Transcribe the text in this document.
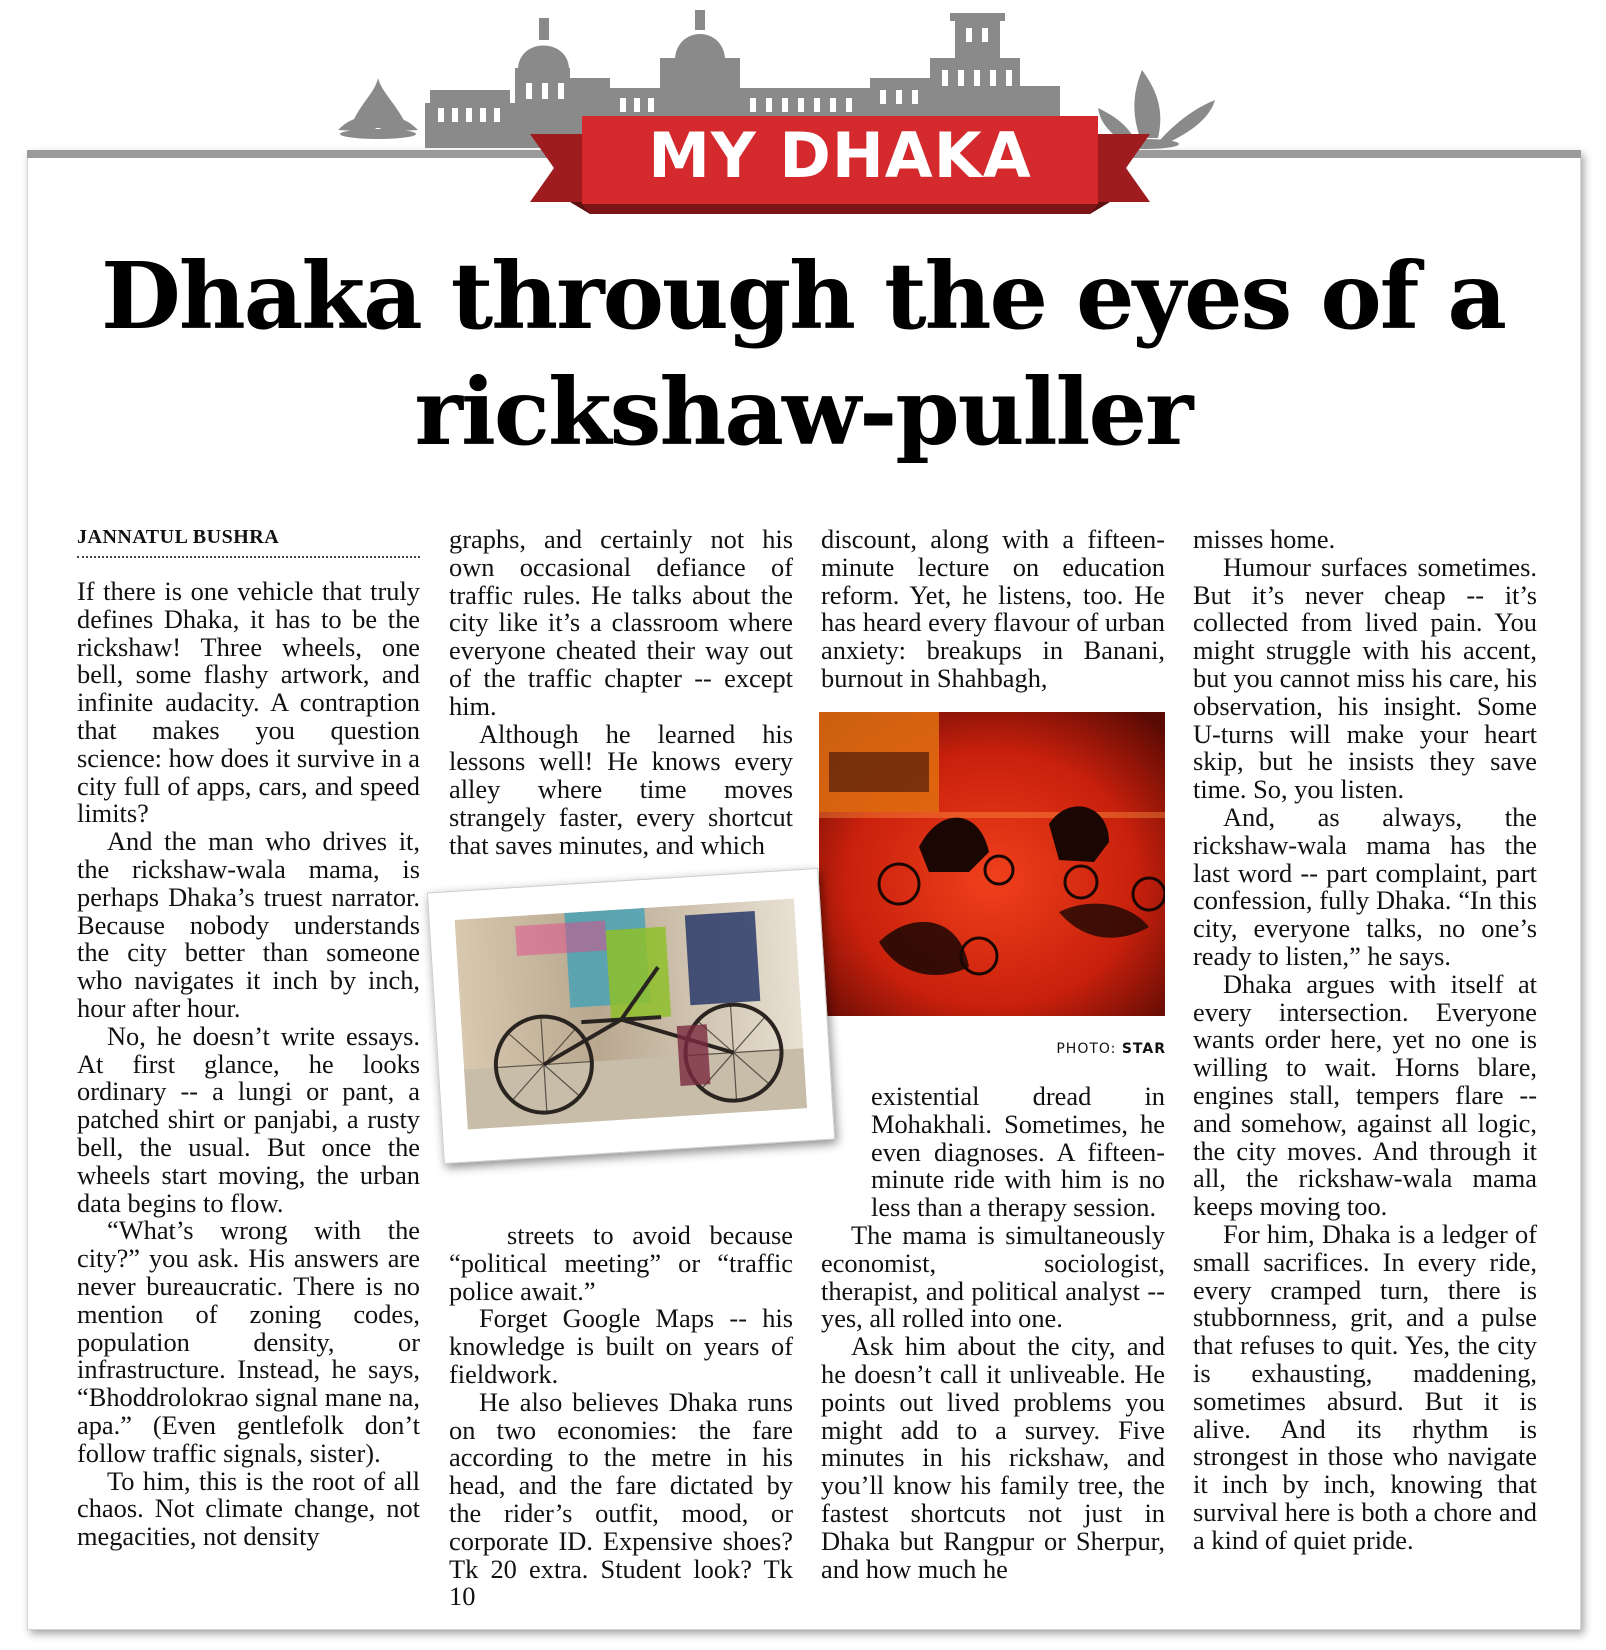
MY DHAKA
Dhaka through the eyes of a rickshaw-puller
JANNATUL BUSHRA

If there is one vehicle that truly defines Dhaka, it has to be the rickshaw! Three wheels, one bell, some flashy artwork, and infinite audacity. A contraption that makes you question science: how does it survive in a city full of apps, cars, and speed limits?

And the man who drives it, the rickshaw-wala mama, is perhaps Dhaka’s truest narrator. Because nobody understands the city better than someone who navigates it inch by inch, hour after hour.

No, he doesn’t write essays. At first glance, he looks ordinary -- a lungi or pant, a patched shirt or panjabi, a rusty bell, the usual. But once the wheels start moving, the urban data begins to flow.

“What’s wrong with the city?” you ask. His answers are never bureaucratic. There is no mention of zoning codes, population density, or infrastructure. Instead, he says, “Bhoddrolokrao signal mane na, apa.” (Even gentlefolk don’t follow traffic signals, sister).

To him, this is the root of all chaos. Not climate change, not megacities, not density

graphs, and certainly not his own occasional defiance of traffic rules. He talks about the city like it’s a classroom where everyone cheated their way out of the traffic chapter -- except him.

Although he learned his lessons well! He knows every alley where time moves strangely faster, every shortcut that saves minutes, and which

streets to avoid because “political meeting” or “traffic police await.”

Forget Google Maps -- his knowledge is built on years of fieldwork.

He also believes Dhaka runs on two economies: the fare according to the metre in his head, and the fare dictated by the rider’s outfit, mood, or corporate ID. Expensive shoes? Tk 20 extra. Student look? Tk 10

discount, along with a fifteen-minute lecture on education reform. Yet, he listens, too. He has heard every flavour of urban anxiety: breakups in Banani, burnout in Shahbagh,

PHOTO: STAR

existential dread in Mohakhali. Sometimes, he even diagnoses. A fifteen-minute ride with him is no less than a therapy session.

The mama is simultaneously economist, sociologist, therapist, and political analyst -- yes, all rolled into one.

Ask him about the city, and he doesn’t call it unliveable. He points out lived problems you might add to a survey. Five minutes in his rickshaw, and you’ll know his family tree, the fastest shortcuts not just in Dhaka but Rangpur or Sherpur, and how much he

misses home.

Humour surfaces sometimes. But it’s never cheap -- it’s collected from lived pain. You might struggle with his accent, but you cannot miss his care, his observation, his insight. Some U-turns will make your heart skip, but he insists they save time. So, you listen.

And, as always, the rickshaw-wala mama has the last word -- part complaint, part confession, fully Dhaka. “In this city, everyone talks, no one’s ready to listen,” he says.

Dhaka argues with itself at every intersection. Everyone wants order here, yet no one is willing to wait. Horns blare, engines stall, tempers flare -- and somehow, against all logic, the city moves. And through it all, the rickshaw-wala mama keeps moving too.

For him, Dhaka is a ledger of small sacrifices. In every ride, every cramped turn, there is stubbornness, grit, and a pulse that refuses to quit. Yes, the city is exhausting, maddening, sometimes absurd. But it is alive. And its rhythm is strongest in those who navigate it inch by inch, knowing that survival here is both a chore and a kind of quiet pride.
